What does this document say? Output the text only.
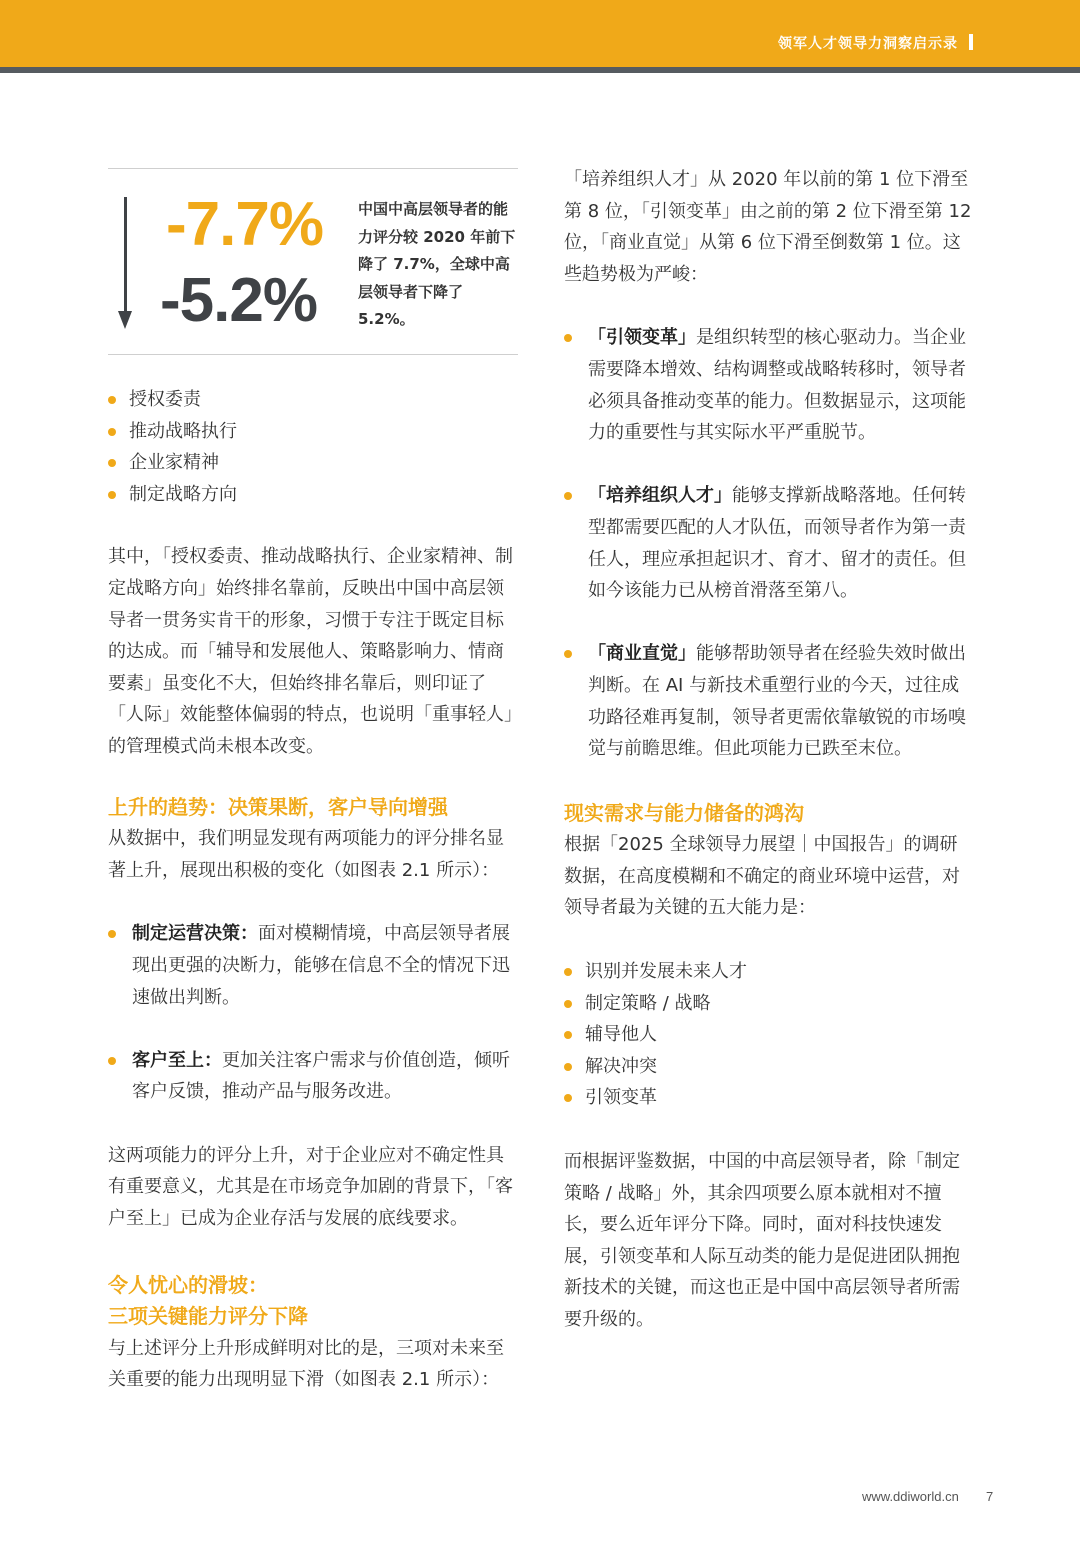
领军人才领导力洞察启示录
-7.7%
-5.2%
中国中高层领导者的能力评分较 2020 年前下降了 7.7%，全球中高层领导者下降了 5.2%。
授权委责
推动战略执行
企业家精神
制定战略方向

其中，「授权委责、推动战略执行、企业家精神、制定战略方向」始终排名靠前，反映出中国中高层领导者一贯务实肯干的形象，习惯于专注于既定目标的达成。而「辅导和发展他人、策略影响力、情商要素」虽变化不大，但始终排名靠后，则印证了「人际」效能整体偏弱的特点，也说明「重事轻人」的管理模式尚未根本改变。

上升的趋势：决策果断，客户导向增强

从数据中，我们明显发现有两项能力的评分排名显著上升，展现出积极的变化（如图表 2.1 所示）：

制定运营决策：面对模糊情境，中高层领导者展现出更强的决断力，能够在信息不全的情况下迅速做出判断。
客户至上：更加关注客户需求与价值创造，倾听客户反馈，推动产品与服务改进。

这两项能力的评分上升，对于企业应对不确定性具有重要意义，尤其是在市场竞争加剧的背景下，「客户至上」已成为企业存活与发展的底线要求。

令人忧心的滑坡：
三项关键能力评分下降

与上述评分上升形成鲜明对比的是，三项对未来至关重要的能力出现明显下滑（如图表 2.1 所示）：

「培养组织人才」从 2020 年以前的第 1 位下滑至第 8 位，「引领变革」由之前的第 2 位下滑至第 12 位，「商业直觉」从第 6 位下滑至倒数第 1 位。这些趋势极为严峻：

「引领变革」是组织转型的核心驱动力。当企业需要降本增效、结构调整或战略转移时，领导者必须具备推动变革的能力。但数据显示，这项能力的重要性与其实际水平严重脱节。
「培养组织人才」能够支撑新战略落地。任何转型都需要匹配的人才队伍，而领导者作为第一责任人，理应承担起识才、育才、留才的责任。但如今该能力已从榜首滑落至第八。
「商业直觉」能够帮助领导者在经验失效时做出判断。在 AI 与新技术重塑行业的今天，过往成功路径难再复制，领导者更需依靠敏锐的市场嗅觉与前瞻思维。但此项能力已跌至末位。

现实需求与能力储备的鸿沟

根据「2025 全球领导力展望｜中国报告」的调研数据，在高度模糊和不确定的商业环境中运营，对领导者最为关键的五大能力是：

识别并发展未来人才
制定策略 / 战略
辅导他人
解决冲突
引领变革

而根据评鉴数据，中国的中高层领导者，除「制定策略 / 战略」外，其余四项要么原本就相对不擅长，要么近年评分下降。同时，面对科技快速发展，引领变革和人际互动类的能力是促进团队拥抱新技术的关键，而这也正是中国中高层领导者所需要升级的。

www.ddiworld.cn 7
